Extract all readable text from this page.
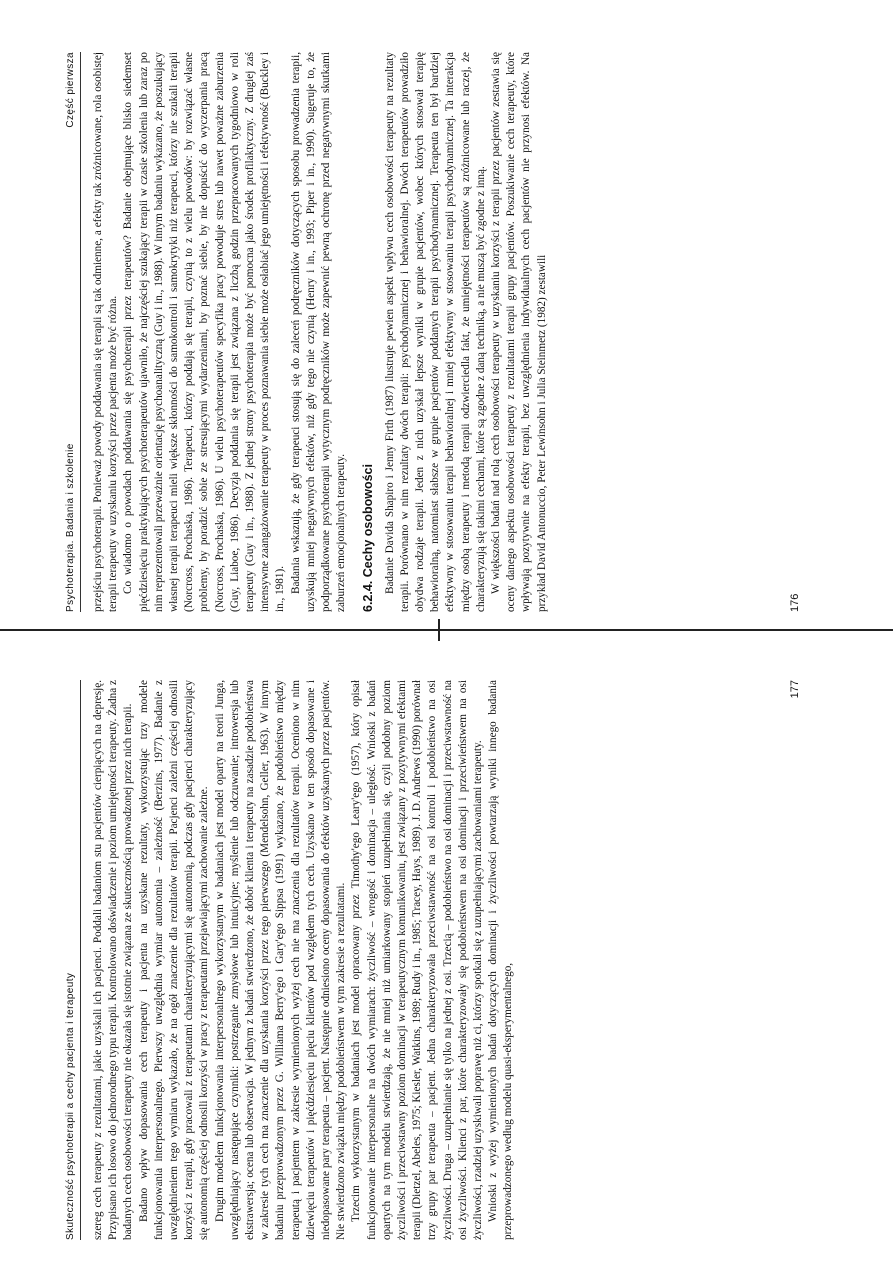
Psychoterapia. Badania i szkolenie
Część pierwsza przejściu psychoterapii. Ponieważ powody poddawania się terapii są tak odmienne, a efekty tak zróżnicowane, rola osobistej terapii terapeuty w uzyskaniu korzyści przez pacjenta może być różna. Co wiadomo o powodach poddawania się psychoterapii przez terapeutów? Badanie obejmujące blisko siedemset pięćdziesięciu praktykujących psychoterapeutów ujawniło, że najczęściej szukający terapii w czasie szkolenia lub zaraz po nim reprezentowali przeważnie orientację psychoanalityczną (Guy i in., 1988). W innym badaniu wykazano, że poszukujący własnej terapii terapeuci mieli większe skłonności do samokontroli i samokrytyki niż terapeuci, którzy nie szukali terapii (Norcross, Prochaska, 1986). Terapeuci, którzy poddają się terapii, czynią to z wielu powodów: by rozwiązać własne problemy, by poradzić sobie ze stresującymi wydarzeniami, by poznać siebie, by nie dopuścić do wyczerpania pracą (Norcross, Prochaska, 1986). U wielu psychoterapeutów specyfika pracy powoduje stres lub nawet poważne zaburzenia (Guy, Liaboe, 1986). Decyzja poddania się terapii jest związana z liczbą godzin przepracowanych tygodniowo w roli terapeuty (Guy i in., 1988). Z jednej strony psychoterapia może być pomocna jako środek profilaktyczny. Z drugiej zaś intensywne zaangażowanie terapeuty w proces poznawania siebie może osłabiać jego umiejętności i efektywność (Buckley i in., 1981). Badania wskazują, że gdy terapeuci stosują się do zaleceń podręczników dotyczących sposobu prowadzenia terapii, uzyskują mniej negatywnych efektów, niż gdy tego nie czynią (Henry i in., 1993; Piper i in., 1990). Sugeruje to, że podporządkowane psychoterapii wytycznym podręczników może zapewnić pewną ochronę przed negatywnymi skutkami zaburzeń emocjonalnych terapeuty. 6.2.4. Cechy osobowości Badanie Davida Shapiro i Jenny Firth (1987) ilustruje pewien aspekt wpływu cech osobowości terapeuty na rezultaty terapii. Porównano w nim rezultaty dwóch terapii: psychodynamicznej i behawioralnej. Dwóch terapeutów prowadziło obydwa rodzaje terapii. Jeden z nich uzyskał lepsze wyniki w grupie pacjentów, wobec których stosował terapię behawioralną, natomiast słabsze w grupie pacjentów poddanych terapii psychodynamicznej. Terapeuta ten był bardziej efektywny w stosowaniu terapii behawioralnej i mniej efektywny w stosowaniu terapii psychodynamicznej. Ta interakcja między osobą terapeuty i metodą terapii odzwierciedla fakt, że umiejętności terapeutów są zróżnicowane lub raczej, że charakteryzują się takimi cechami, które są zgodne z daną techniką, a nie muszą być zgodne z inną. W większości badań nad rolą cech osobowości terapeuty w uzyskaniu korzyści z terapii przez pacjentów zestawia się oceny danego aspektu osobowości terapeuty z rezultatami terapii grupy pacjentów. Poszukiwanie cech terapeuty, które wpływają pozytywnie na efekty terapii, bez uwzględnienia indywidualnych cech pacjentów nie przynosi efektów. Na przykład David Antonuccio, Peter Lewinsohn i Julia Steinmetz (1982) zestawili	176
Skuteczność psychoterapii a cechy pacjenta i terapeuty szereg cech terapeuty z rezultatami, jakie uzyskali ich pacjenci. Poddali badaniom stu pacjentów cierpiących na depresję. Przypisano ich losowo do jednorodnego typu terapii. Kontrolowano doświadczenie i poziom umiejętności terapeuty. Żadna z badanych cech osobowości terapeuty nie okazała się istotnie związana ze skutecznością prowadzonej przez nich terapii. Badano wpływ dopasowania cech terapeuty i pacjenta na uzyskane rezultaty, wykorzystując trzy modele funkcjonowania interpersonalnego. Pierwszy uwzględnia wymiar autonomia – zależność (Berzins, 1977). Badanie z uwzględnieniem tego wymiaru wykazało, że na ogół znaczenie dla rezultatów terapii. Pacjenci zależni częściej odnosili korzyści z terapii, gdy pracowali z terapeutami charakteryzującymi się autonomią, podczas gdy pacjenci charakteryzujący się autonomią częściej odnosili korzyści w pracy z terapeutami przejawiającymi zachowanie zależne. Drugim modelem funkcjonowania interpersonalnego wykorzystanym w badaniach jest model oparty na teorii Junga, uwzględniający następujące czynniki: postrzeganie zmysłowe lub intuicyjne; myślenie lub odczuwanie; introwersja lub ekstrawersja; ocena lub obserwacja. W jednym z badań stwierdzono, że dobór klienta i terapeuty na zasadzie podobieństwa w zakresie tych cech ma znaczenie dla uzyskania korzyści przez tego pierwszego (Mendelsohn, Geller, 1963). W innym badaniu przeprowadzonym przez G. Williama Berry'ego i Gary'ego Sippsa (1991) wykazano, że podobieństwo między terapeutą i pacjentem w zakresie wymienionych wyżej cech nie ma znaczenia dla rezultatów terapii. Oceniono w nim dziewięciu terapeutów i pięćdziesięciu pięciu klientów pod względem tych cech. Uzyskano w ten sposób dopasowane i niedopasowane pary terapeuta – pacjent. Następnie odniesiono oceny dopasowania do efektów uzyskanych przez pacjentów. Nie stwierdzono związku między podobieństwem w tym zakresie a rezultatami. Trzecim wykorzystanym w badaniach jest model opracowany przez Timothy'ego Leary'ego (1957), który opisał funkcjonowanie interpersonalne na dwóch wymiarach: życzliwość – wrogość i dominacja – uległość. Wnioski z badań opartych na tym modelu stwierdzają, że nie mniej niż umiarkowany stopień uzupełniania się, czyli podobny poziom życzliwości i przeciwstawny poziom dominacji w terapeutycznym komunikowaniu, jest związany z pozytywnymi efektami terapii (Dietzel, Abeles, 1975; Kiesler, Watkins, 1989; Rudy i in., 1985; Tracey, Hays, 1989). J. D. Andrews (1990) porównał trzy grupy par terapeuta – pacjent. Jedna charakteryzowała przeciwstawność na osi kontroli i podobieństwo na osi życzliwości. Druga – uzupełnianie się tylko na jednej z osi. Trzecią – podobieństwo na osi dominacji i przeciwstawność na osi życzliwości. Klienci z par, które charakteryzowały się podobieństwem na osi dominacji i przeciwieństwem na osi życzliwości, rzadziej uzyskiwali poprawę niż ci, którzy spotkali się z uzupełniającymi zachowaniami terapeuty. Wnioski z wyżej wymienionych badań dotyczących dominacji i życzliwości powtarzają wyniki innego badania przeprowadzonego według modelu quasi-eksperymentalnego,

177
